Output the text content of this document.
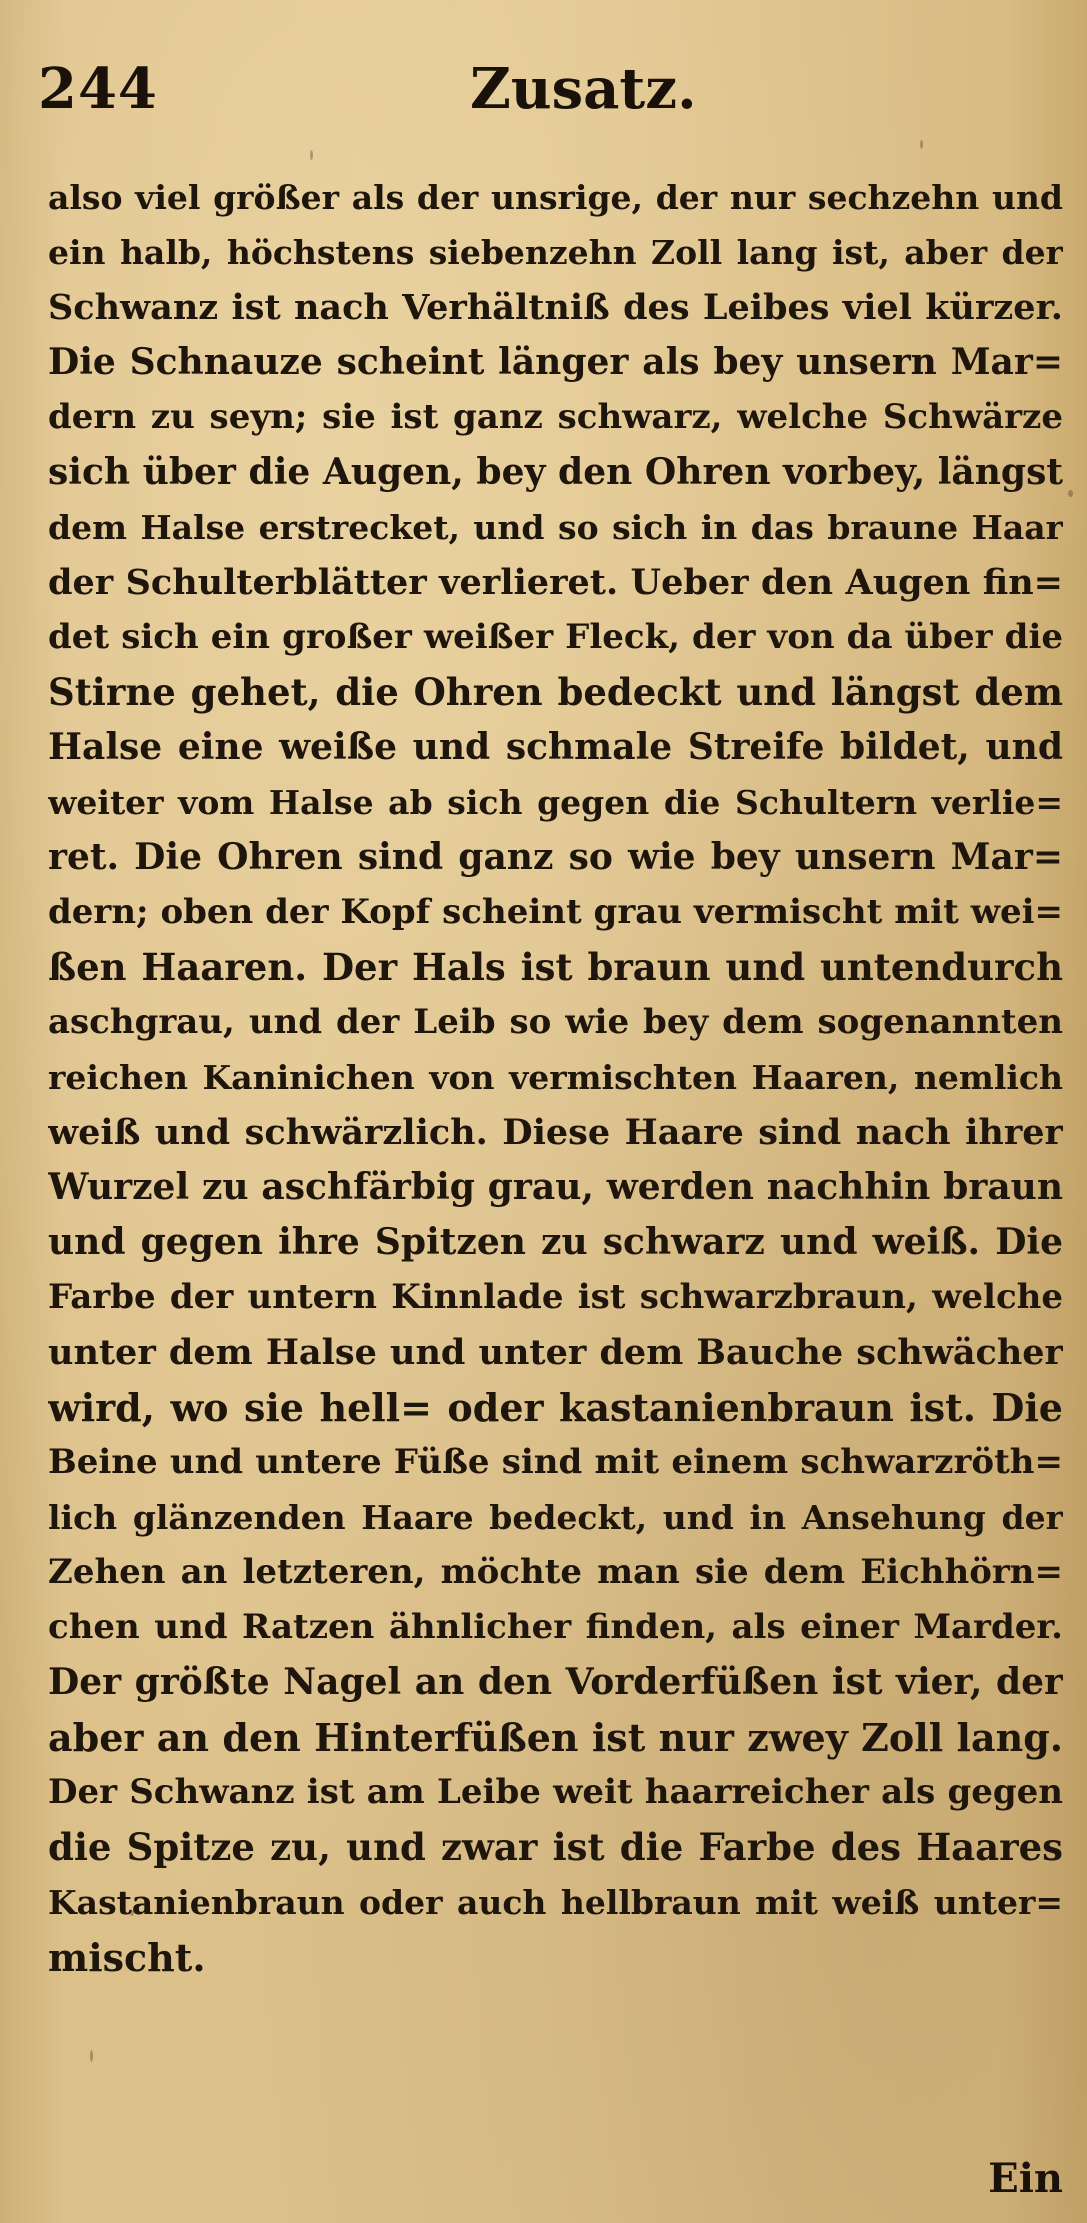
244	Zusatz.
also viel größer als der unsrige, der nur sechzehn und
ein halb, höchstens siebenzehn Zoll lang ist, aber der
Schwanz ist nach Verhältniß des Leibes viel kürzer.
Die Schnauze scheint länger als bey unsern Mar=
dern zu seyn; sie ist ganz schwarz, welche Schwärze
sich über die Augen, bey den Ohren vorbey, längst
dem Halse erstrecket, und so sich in das braune Haar
der Schulterblätter verlieret. Ueber den Augen fin=
det sich ein großer weißer Fleck, der von da über die
Stirne gehet, die Ohren bedeckt und längst dem
Halse eine weiße und schmale Streife bildet, und
weiter vom Halse ab sich gegen die Schultern verlie=
ret. Die Ohren sind ganz so wie bey unsern Mar=
dern; oben der Kopf scheint grau vermischt mit wei=
ßen Haaren. Der Hals ist braun und untendurch
aschgrau, und der Leib so wie bey dem sogenannten
reichen Kaninichen von vermischten Haaren, nemlich
weiß und schwärzlich. Diese Haare sind nach ihrer
Wurzel zu aschfärbig grau, werden nachhin braun
und gegen ihre Spitzen zu schwarz und weiß. Die
Farbe der untern Kinnlade ist schwarzbraun, welche
unter dem Halse und unter dem Bauche schwächer
wird, wo sie hell= oder kastanienbraun ist. Die
Beine und untere Füße sind mit einem schwarzröth=
lich glänzenden Haare bedeckt, und in Ansehung der
Zehen an letzteren, möchte man sie dem Eichhörn=
chen und Ratzen ähnlicher finden, als einer Marder.
Der größte Nagel an den Vorderfüßen ist vier, der
aber an den Hinterfüßen ist nur zwey Zoll lang.
Der Schwanz ist am Leibe weit haarreicher als gegen
die Spitze zu, und zwar ist die Farbe des Haares
Kastanienbraun oder auch hellbraun mit weiß unter=
mischt.
Ein
